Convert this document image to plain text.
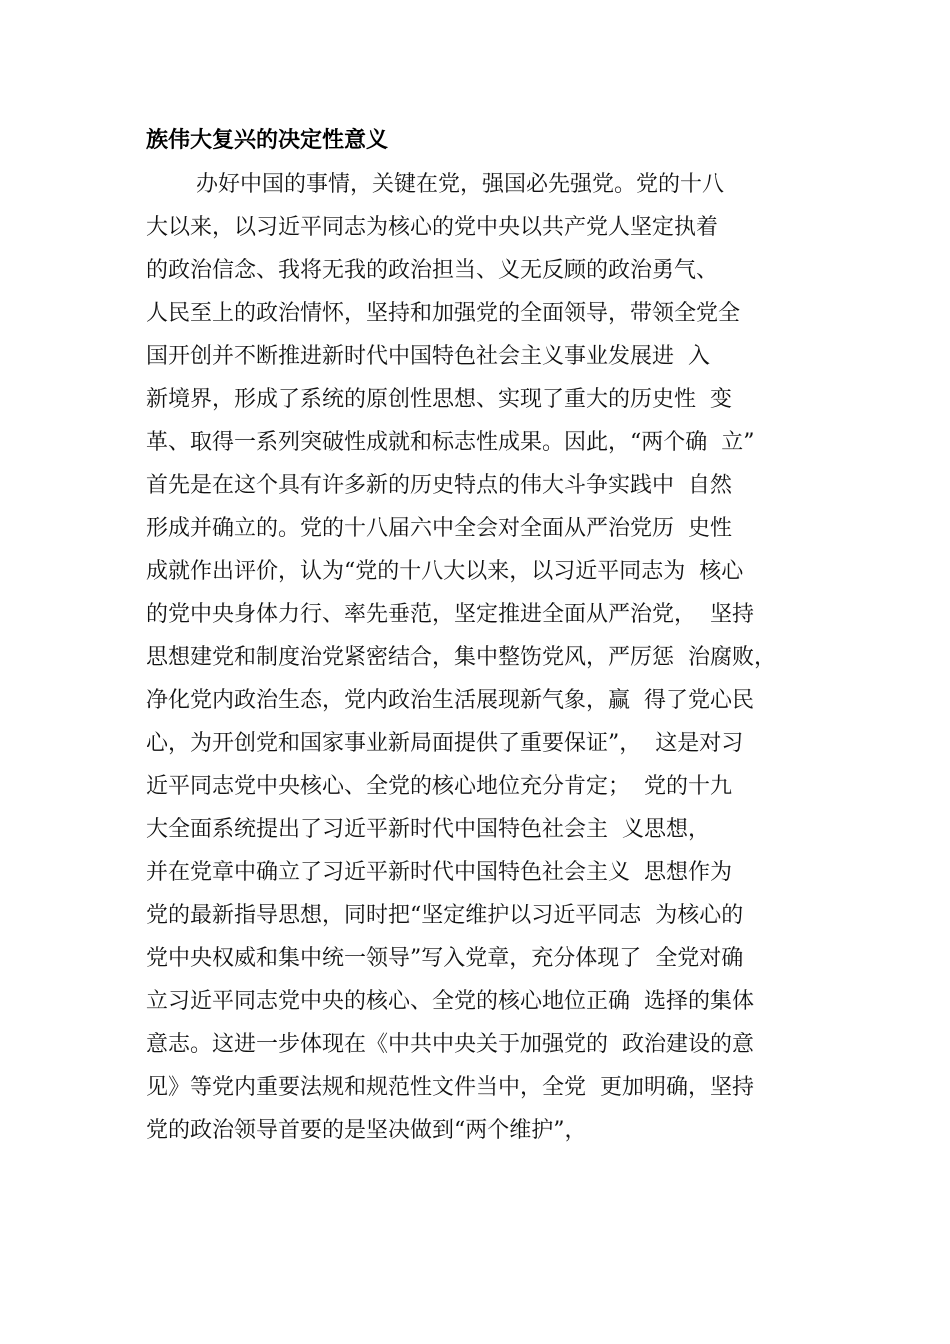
族伟大复兴的决定性意义
办好中国的事情，关键在党，强国必先强党。党的十八
大以来，以习近平同志为核心的党中央以共产党人坚定执着
的政治信念、我将无我的政治担当、义无反顾的政治勇气、
人民至上的政治情怀，坚持和加强党的全面领导，带领全党全
国开创并不断推进新时代中国特色社会主义事业发展进  入
新境界，形成了系统的原创性思想、实现了重大的历史性  变
革、取得一系列突破性成就和标志性成果。因此，“两个确  立”
首先是在这个具有许多新的历史特点的伟大斗争实践中  自然
形成并确立的。党的十八届六中全会对全面从严治党历  史性
成就作出评价，认为“党的十八大以来，以习近平同志为  核心
的党中央身体力行、率先垂范，坚定推进全面从严治党，  坚持
思想建党和制度治党紧密结合，集中整饬党风，严厉惩  治腐败，
净化党内政治生态，党内政治生活展现新气象，赢  得了党心民
心，为开创党和国家事业新局面提供了重要保证”，  这是对习
近平同志党中央核心、全党的核心地位充分肯定；  党的十九
大全面系统提出了习近平新时代中国特色社会主  义思想，
并在党章中确立了习近平新时代中国特色社会主义  思想作为
党的最新指导思想，同时把“坚定维护以习近平同志  为核心的
党中央权威和集中统一领导”写入党章，充分体现了  全党对确
立习近平同志党中央的核心、全党的核心地位正确  选择的集体
意志。这进一步体现在《中共中央关于加强党的  政治建设的意
见》等党内重要法规和规范性文件当中，全党  更加明确，坚持
党的政治领导首要的是坚决做到“两个维护”，
